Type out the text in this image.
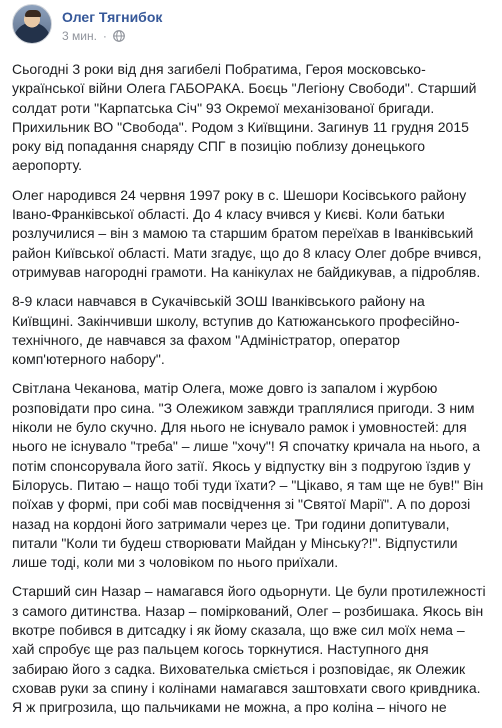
Олег Тягнибок
3 мин. ·

Сьогодні 3 роки від дня загибелі Побратима, Героя московсько-
української війни Олега ГАБОРАКА. Боєць "Легіону Свободи". Старший
солдат роти "Карпатська Січ" 93 Окремої механізованої бригади.
Прихильник ВО "Свобода". Родом з Київщини. Загинув 11 грудня 2015
року від попадання снаряду СПГ в позицію поблизу донецького
аеропорту.

Олег народився 24 червня 1997 року в с. Шешори Косівського району
Івано-Франківської області. До 4 класу вчився у Києві. Коли батьки
розлучилися – він з мамою та старшим братом переїхав в Іванківський
район Київської області. Мати згадує, що до 8 класу Олег добре вчився,
отримував нагородні грамоти. На канікулах не байдикував, а підробляв.

8-9 класи навчався в Сукачівській ЗОШ Іванківського району на
Київщині. Закінчивши школу, вступив до Катюжанського професійно-
технічного, де навчався за фахом "Адміністратор, оператор
комп'ютерного набору".

Світлана Чеканова, матір Олега, може довго із запалом і журбою
розповідати про сина. "З Олежиком завжди траплялися пригоди. З ним
ніколи не було скучно. Для нього не існувало рамок і умовностей: для
нього не існувало "треба" – лише "хочу"! Я спочатку кричала на нього, а
потім спонсорувала його затії. Якось у відпустку він з подругою їздив у
Білорусь. Питаю – нащо тобі туди їхати? – "Цікаво, я там ще не був!" Він
поїхав у формі, при собі мав посвідчення зі "Святої Марії". А по дорозі
назад на кордоні його затримали через це. Три години допитували,
питали "Коли ти будеш створювати Майдан у Мінську?!". Відпустили
лише тоді, коли ми з чоловіком по нього приїхали.

Старший син Назар – намагався його одьорнути. Це були протилежності
з самого дитинства. Назар – поміркований, Олег – розбишака. Якось він
вкотре побився в дитсадку і як йому сказала, що вже сил моїх нема –
хай спробує ще раз пальцем когось торкнутися. Наступного дня
забираю його з садка. Вихователька сміється і розповідає, як Олежик
сховав руки за спину і колінами намагався заштовхати свого кривдника.
Я ж пригрозила, що пальчиками не можна, а про коліна – нічого не
